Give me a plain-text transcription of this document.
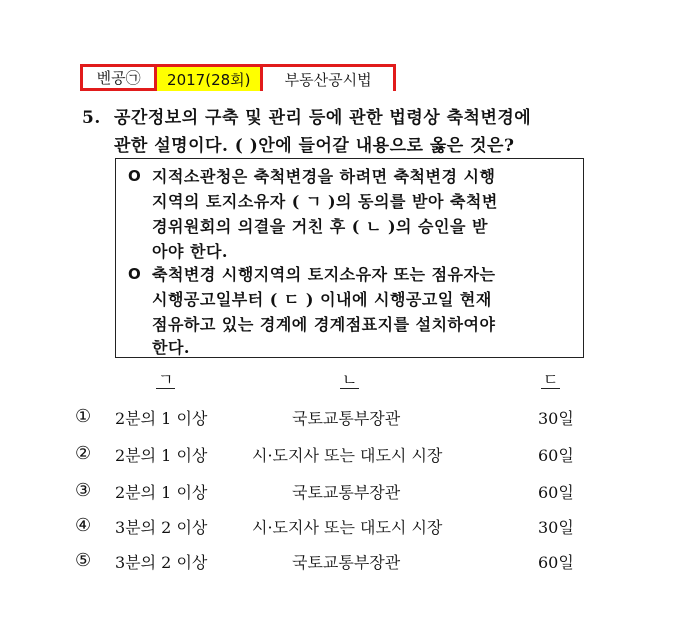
벤공㉠	2017(28회)	부동산공시법
5. 공간정보의 구축 및 관리 등에 관한 법령상 축척변경에
관한 설명이다. ( )안에 들어갈 내용으로 옳은 것은?
O 지적소관청은 축척변경을 하려면 축척변경 시행
지역의 토지소유자 ( ㄱ )의 동의를 받아 축척변
경위원회의 의결을 거친 후 ( ㄴ )의 승인을 받
아야 한다.
O 축척변경 시행지역의 토지소유자 또는 점유자는
시행공고일부터 ( ㄷ ) 이내에 시행공고일 현재
점유하고 있는 경계에 경계점표지를 설치하여야
한다.
ㄱ	ㄴ	ㄷ
① 2분의 1 이상	국토교통부장관	30일
② 2분의 1 이상	시·도지사 또는 대도시 시장	60일
③ 2분의 1 이상	국토교통부장관	60일
④ 3분의 2 이상	시·도지사 또는 대도시 시장	30일
⑤ 3분의 2 이상	국토교통부장관	60일
